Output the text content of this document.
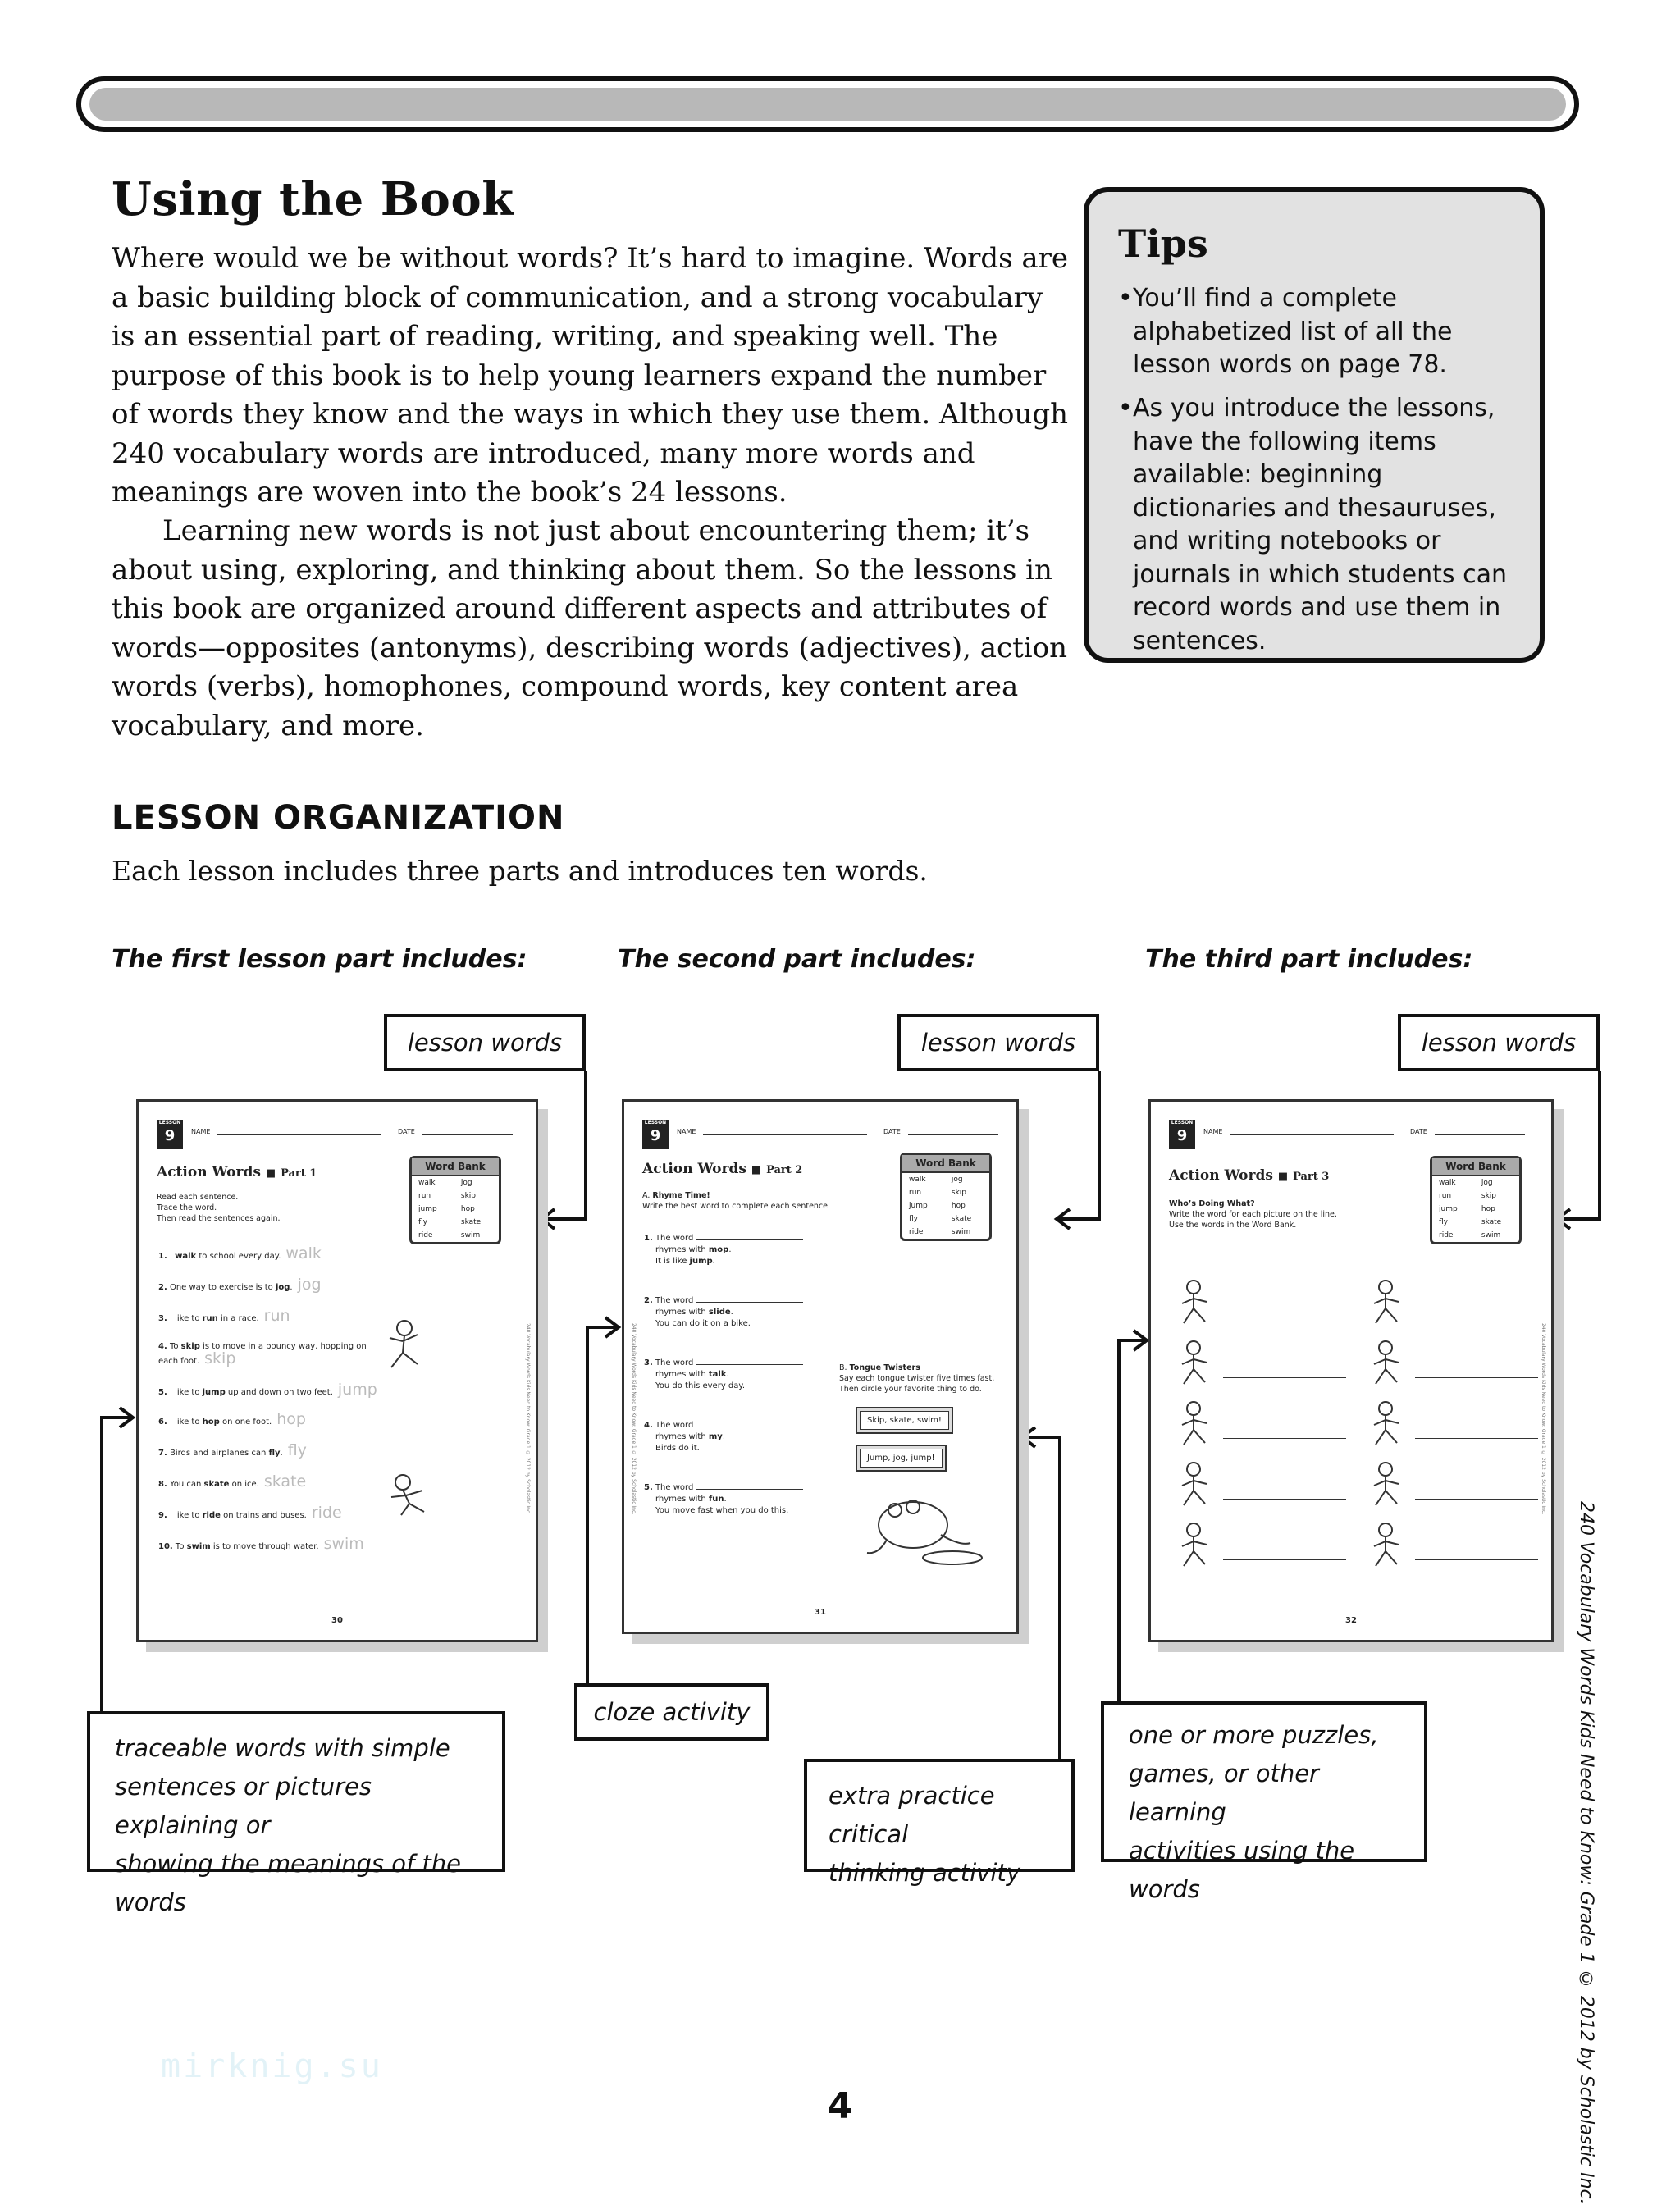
Using the Book

Where would we be without words? It’s hard to imagine. Words are a basic building block of communication, and a strong vocabulary is an essential part of reading, writing, and speaking well. The purpose of this book is to help young learners expand the number of words they know and the ways in which they use them. Although 240 vocabulary words are introduced, many more words and meanings are woven into the book’s 24 lessons.

Learning new words is not just about encountering them; it’s about using, exploring, and thinking about them. So the lessons in this book are organized around different aspects and attributes of words—opposites (antonyms), describing words (adjectives), action words (verbs), homophones, compound words, key content area vocabulary, and more.

Tips
• You’ll find a complete alphabetized list of all the lesson words on page 78.
• As you introduce the lessons, have the following items available: beginning dictionaries and thesauruses, and writing notebooks or journals in which students can record words and use them in sentences.
LESSON ORGANIZATION
Each lesson includes three parts and introduces ten words.
The first lesson part includes:	The second part includes:	The third part includes:
LESSON
9	NAME	DATE
Action Words ■ Part 1
Word Bank
walk	jog
run	skip
jump	hop
fly	skate
ride	swim
Read each sentence.
Trace the word.
Then read the sentences again.
1. I walk to school every day. walk
2. One way to exercise is to jog. jog
3. I like to run in a race. run
4. To skip is to move in a bouncy way, hopping on each foot. skip
5. I like to jump up and down on two feet. jump
6. I like to hop on one foot. hop
7. Birds and airplanes can fly. fly
8. You can skate on ice. skate
9. I like to ride on trains and buses. ride
10. To swim is to move through water. swim
30
240 Vocabulary Words Kids Need to Know: Grade 1 © 2012 by Scholastic Inc.
LESSON
9	NAME	DATE
Action Words ■ Part 2
Word Bank
walk	jog
run	skip
jump	hop
fly	skate
ride	swim
A. Rhyme Time!
Write the best word to complete each sentence.
1. The word
rhymes with mop.
It is like jump.
2. The word
rhymes with slide.
You can do it on a bike.
3. The word
rhymes with talk.
You do this every day.
4. The word
rhymes with my.
Birds do it.
5. The word
rhymes with fun.
You move fast when you do this.
B. Tongue Twisters
Say each tongue twister five times fast.
Then circle your favorite thing to do.
Skip, skate, swim!
Jump, jog, jump!
31
240 Vocabulary Words Kids Need to Know: Grade 1 © 2012 by Scholastic Inc.
LESSON
9	NAME	DATE
Action Words ■ Part 3
Word Bank
walk	jog
run	skip
jump	hop
fly	skate
ride	swim
Who’s Doing What?
Write the word for each picture on the line.
Use the words in the Word Bank.
32
240 Vocabulary Words Kids Need to Know: Grade 1 © 2012 by Scholastic Inc.
lesson words	lesson words	lesson words
traceable words with simple
sentences or pictures explaining or
showing the meanings of the words
cloze activity
extra practice critical
thinking activity
one or more puzzles,
games, or other learning
activities using the words	240 Vocabulary Words Kids Need to Know: Grade 1 © 2012 by Scholastic Inc.
mirknig.su
4
